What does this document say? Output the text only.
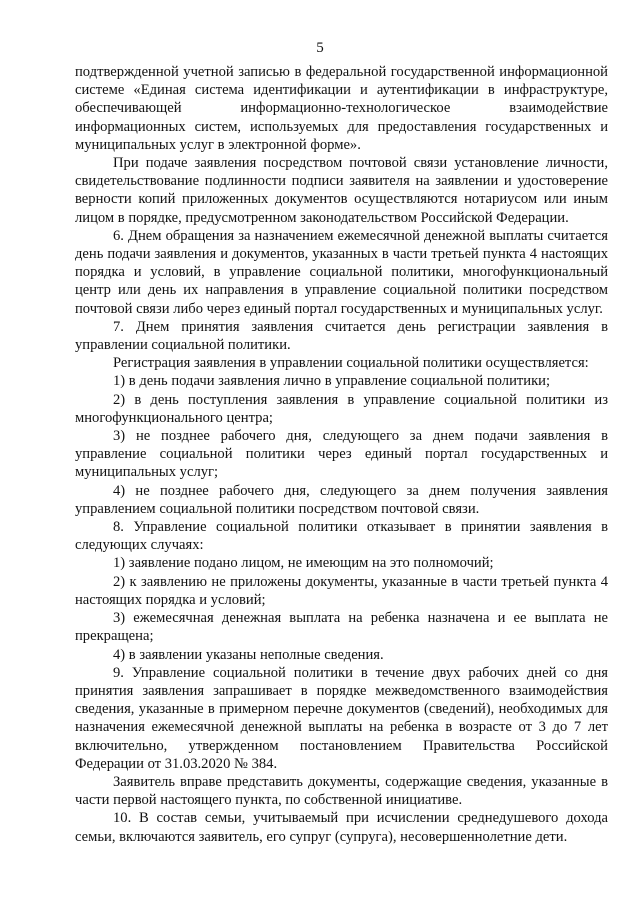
5

подтвержденной учетной записью в федеральной государственной информационной системе «Единая система идентификации и аутентификации в инфраструктуре, обеспечивающей информационно-технологическое взаимодействие информационных систем, используемых для предоставления государственных и муниципальных услуг в электронной форме».

При подаче заявления посредством почтовой связи установление личности, свидетельствование подлинности подписи заявителя на заявлении и удостоверение верности копий приложенных документов осуществляются нотариусом или иным лицом в порядке, предусмотренном законодательством Российской Федерации.

6. Днем обращения за назначением ежемесячной денежной выплаты считается день подачи заявления и документов, указанных в части третьей пункта 4 настоящих порядка и условий, в управление социальной политики, многофункциональный центр или день их направления в управление социальной политики посредством почтовой связи либо через единый портал государственных и муниципальных услуг.

7. Днем принятия заявления считается день регистрации заявления в управлении социальной политики.

Регистрация заявления в управлении социальной политики осуществляется:

1) в день подачи заявления лично в управление социальной политики;

2) в день поступления заявления в управление социальной политики из многофункционального центра;

3) не позднее рабочего дня, следующего за днем подачи заявления в управление социальной политики через единый портал государственных и муниципальных услуг;

4) не позднее рабочего дня, следующего за днем получения заявления управлением социальной политики посредством почтовой связи.

8. Управление социальной политики отказывает в принятии заявления в следующих случаях:

1) заявление подано лицом, не имеющим на это полномочий;

2) к заявлению не приложены документы, указанные в части третьей пункта 4 настоящих порядка и условий;

3) ежемесячная денежная выплата на ребенка назначена и ее выплата не прекращена;

4) в заявлении указаны неполные сведения.

9. Управление социальной политики в течение двух рабочих дней со дня принятия заявления запрашивает в порядке межведомственного взаимодействия сведения, указанные в примерном перечне документов (сведений), необходимых для назначения ежемесячной денежной выплаты на ребенка в возрасте от 3 до 7 лет включительно, утвержденном постановлением Правительства Российской Федерации от 31.03.2020 № 384.

Заявитель вправе представить документы, содержащие сведения, указанные в части первой настоящего пункта, по собственной инициативе.

10. В состав семьи, учитываемый при исчислении среднедушевого дохода семьи, включаются заявитель, его супруг (супруга), несовершеннолетние дети.
